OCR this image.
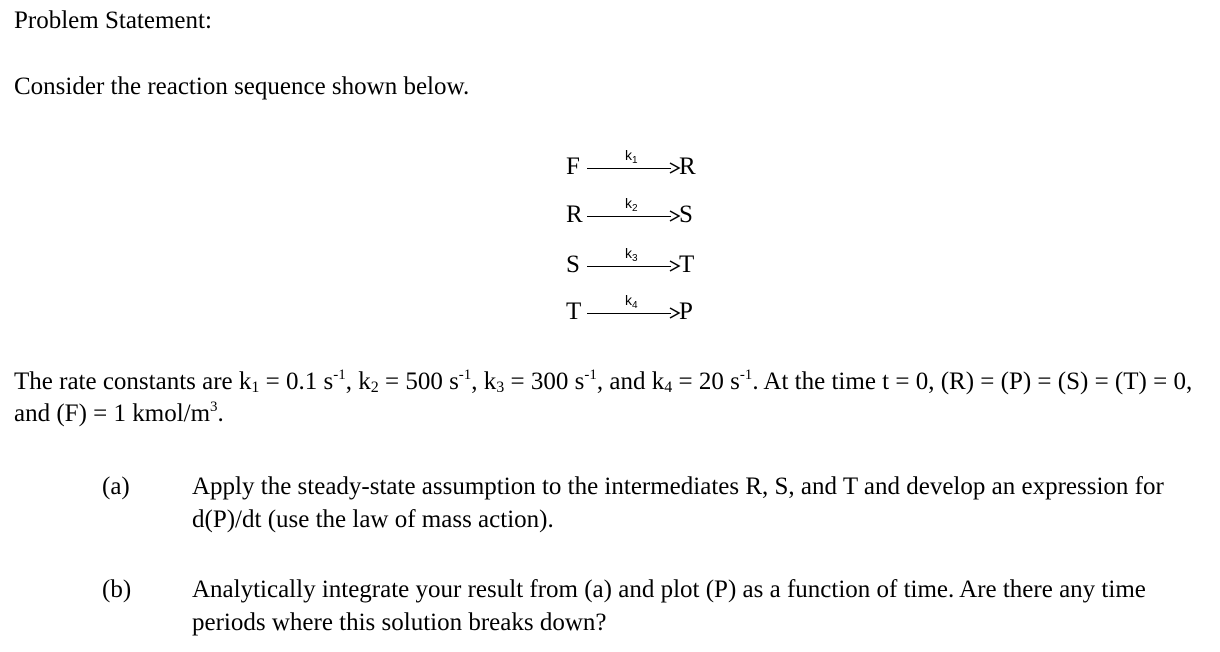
Problem Statement:
Consider the reaction sequence shown below.
F	$k_1$ R
R	$k_2$ S
S	$k_3$ T
T	$k_4$ P
The rate constants are $k_1 = 0.1$ $s^{-1}$, $k_2 = 500$ $s^{-1}$, $k_3 = 300$ $s^{-1}$, and $k_4 = 20$ $s^{-1}$. At the time t = 0, (R) = (P) = (S) = (T) = 0, and (F) = 1 kmol/$m^3$.
(a) Apply the steady-state assumption to the intermediates R, S, and T and develop an expression for d(P)/dt (use the law of mass action).
(b) Analytically integrate your result from (a) and plot (P) as a function of time. Are there any time periods where this solution breaks down?
